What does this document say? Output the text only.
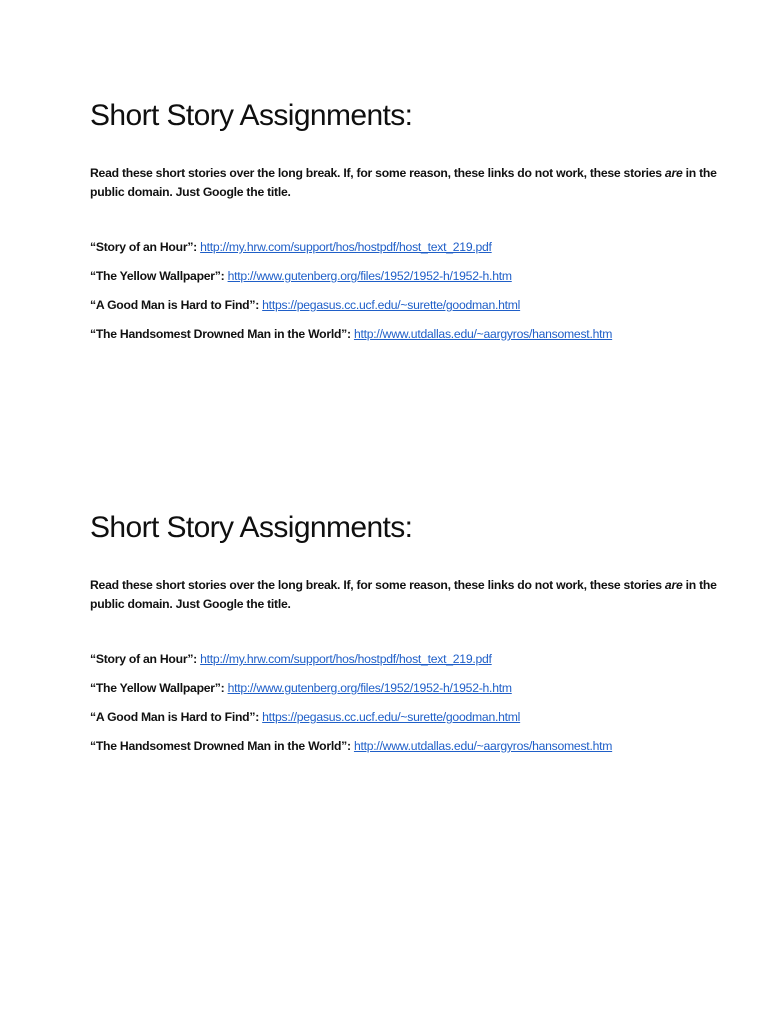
Short Story Assignments:

Read these short stories over the long break. If, for some reason, these links do not work, these stories are in the public domain. Just Google the title.

“Story of an Hour”: http://my.hrw.com/support/hos/hostpdf/host_text_219.pdf
“The Yellow Wallpaper”: http://www.gutenberg.org/files/1952/1952-h/1952-h.htm
“A Good Man is Hard to Find”: https://pegasus.cc.ucf.edu/~surette/goodman.html
“The Handsomest Drowned Man in the World”: http://www.utdallas.edu/~aargyros/hansomest.htm
Short Story Assignments:

Read these short stories over the long break. If, for some reason, these links do not work, these stories are in the public domain. Just Google the title.

“Story of an Hour”: http://my.hrw.com/support/hos/hostpdf/host_text_219.pdf
“The Yellow Wallpaper”: http://www.gutenberg.org/files/1952/1952-h/1952-h.htm
“A Good Man is Hard to Find”: https://pegasus.cc.ucf.edu/~surette/goodman.html
“The Handsomest Drowned Man in the World”: http://www.utdallas.edu/~aargyros/hansomest.htm
